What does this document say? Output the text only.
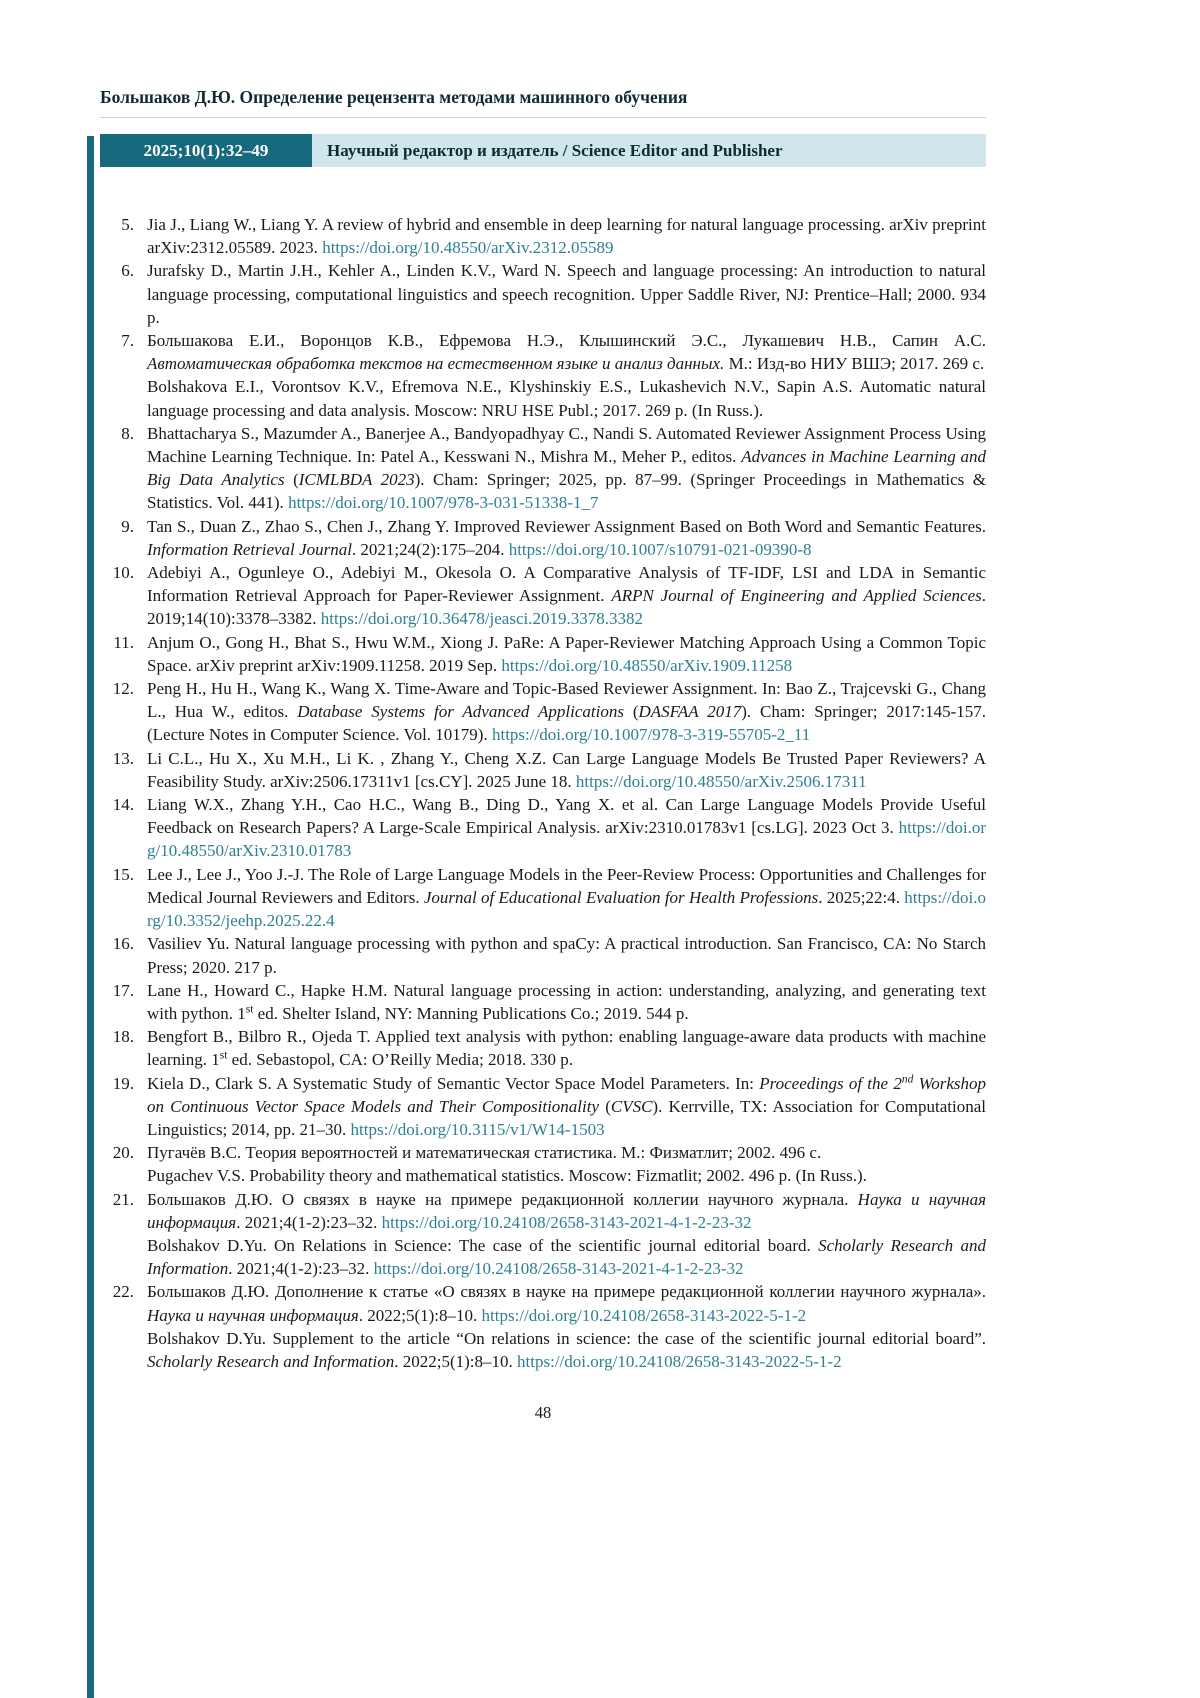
Большаков Д.Ю. Определение рецензента методами машинного обучения
2025;10(1):32–49	Научный редактор и издатель / Science Editor and Publisher
5. Jia J., Liang W., Liang Y. A review of hybrid and ensemble in deep learning for natural language processing. arXiv preprint arXiv:2312.05589. 2023. https://doi.org/10.48550/arXiv.2312.05589
6. Jurafsky D., Martin J.H., Kehler A., Linden K.V., Ward N. Speech and language processing: An introduction to natural language processing, computational linguistics and speech recognition. Upper Saddle River, NJ: Prentice–Hall; 2000. 934 p.
7. Большакова Е.И., Воронцов К.В., Ефремова Н.Э., Клышинский Э.С., Лукашевич Н.В., Сапин А.С. Автоматическая обработка текстов на естественном языке и анализ данных. М.: Изд-во НИУ ВШЭ; 2017. 269 с.
Bolshakova E.I., Vorontsov K.V., Efremova N.E., Klyshinskiy E.S., Lukashevich N.V., Sapin A.S. Automatic natural language processing and data analysis. Moscow: NRU HSE Publ.; 2017. 269 p. (In Russ.).
8. Bhattacharya S., Mazumder A., Banerjee A., Bandyopadhyay C., Nandi S. Automated Reviewer Assignment Process Using Machine Learning Technique. In: Patel A., Kesswani N., Mishra M., Meher P., editos. Advances in Machine Learning and Big Data Analytics (ICMLBDA 2023). Cham: Springer; 2025, pp. 87–99. (Springer Proceedings in Mathematics & Statistics. Vol. 441). https://doi.org/10.1007/978-3-031-51338-1_7
9. Tan S., Duan Z., Zhao S., Chen J., Zhang Y. Improved Reviewer Assignment Based on Both Word and Semantic Features. Information Retrieval Journal. 2021;24(2):175–204. https://doi.org/10.1007/s10791-021-09390-8
10. Adebiyi A., Ogunleye O., Adebiyi M., Okesola O. A Comparative Analysis of TF-IDF, LSI and LDA in Semantic Information Retrieval Approach for Paper-Reviewer Assignment. ARPN Journal of Engineering and Applied Sciences. 2019;14(10):3378–3382. https://doi.org/10.36478/jeasci.2019.3378.3382
11. Anjum O., Gong H., Bhat S., Hwu W.M., Xiong J. PaRe: A Paper-Reviewer Matching Approach Using a Common Topic Space. arXiv preprint arXiv:1909.11258. 2019 Sep. https://doi.org/10.48550/arXiv.1909.11258
12. Peng H., Hu H., Wang K., Wang X. Time-Aware and Topic-Based Reviewer Assignment. In: Bao Z., Trajcevski G., Chang L., Hua W., editos. Database Systems for Advanced Applications (DASFAA 2017). Cham: Springer; 2017:145-157. (Lecture Notes in Computer Science. Vol. 10179). https://doi.org/10.1007/978-3-319-55705-2_11
13. Li C.L., Hu X., Xu M.H., Li K. , Zhang Y., Cheng X.Z. Can Large Language Models Be Trusted Paper Reviewers? A Feasibility Study. arXiv:2506.17311v1 [cs.CY]. 2025 June 18. https://doi.org/10.48550/arXiv.2506.17311
14. Liang W.X., Zhang Y.H., Cao H.C., Wang B., Ding D., Yang X. et al. Can Large Language Models Provide Useful Feedback on Research Papers? A Large-Scale Empirical Analysis. arXiv:2310.01783v1 [cs.LG]. 2023 Oct 3. https://doi.org/10.48550/arXiv.2310.01783
15. Lee J., Lee J., Yoo J.-J. The Role of Large Language Models in the Peer-Review Process: Opportunities and Challenges for Medical Journal Reviewers and Editors. Journal of Educational Evaluation for Health Professions. 2025;22:4. https://doi.org/10.3352/jeehp.2025.22.4
16. Vasiliev Yu. Natural language processing with python and spaCy: A practical introduction. San Francisco, CA: No Starch Press; 2020. 217 p.
17. Lane H., Howard C., Hapke H.M. Natural language processing in action: understanding, analyzing, and generating text with python. 1st ed. Shelter Island, NY: Manning Publications Co.; 2019. 544 p.
18. Bengfort B., Bilbro R., Ojeda T. Applied text analysis with python: enabling language-aware data products with machine learning. 1st ed. Sebastopol, CA: O’Reilly Media; 2018. 330 p.
19. Kiela D., Clark S. A Systematic Study of Semantic Vector Space Model Parameters. In: Proceedings of the 2nd Workshop on Continuous Vector Space Models and Their Compositionality (CVSC). Kerrville, TX: Association for Computational Linguistics; 2014, pp. 21–30. https://doi.org/10.3115/v1/W14-1503
20. Пугачёв В.С. Теория вероятностей и математическая статистика. М.: Физматлит; 2002. 496 с.
Pugachev V.S. Probability theory and mathematical statistics. Moscow: Fizmatlit; 2002. 496 p. (In Russ.).
21. Большаков Д.Ю. О связях в науке на примере редакционной коллегии научного журнала. Наука и научная информация. 2021;4(1-2):23–32. https://doi.org/10.24108/2658-3143-2021-4-1-2-23-32
Bolshakov D.Yu. On Relations in Science: The case of the scientific journal editorial board. Scholarly Research and Information. 2021;4(1-2):23–32. https://doi.org/10.24108/2658-3143-2021-4-1-2-23-32
22. Большаков Д.Ю. Дополнение к статье «О связях в науке на примере редакционной коллегии научного журнала». Наука и научная информация. 2022;5(1):8–10. https://doi.org/10.24108/2658-3143-2022-5-1-2
Bolshakov D.Yu. Supplement to the article “On relations in science: the case of the scientific journal editorial board”. Scholarly Research and Information. 2022;5(1):8–10. https://doi.org/10.24108/2658-3143-2022-5-1-2
48
